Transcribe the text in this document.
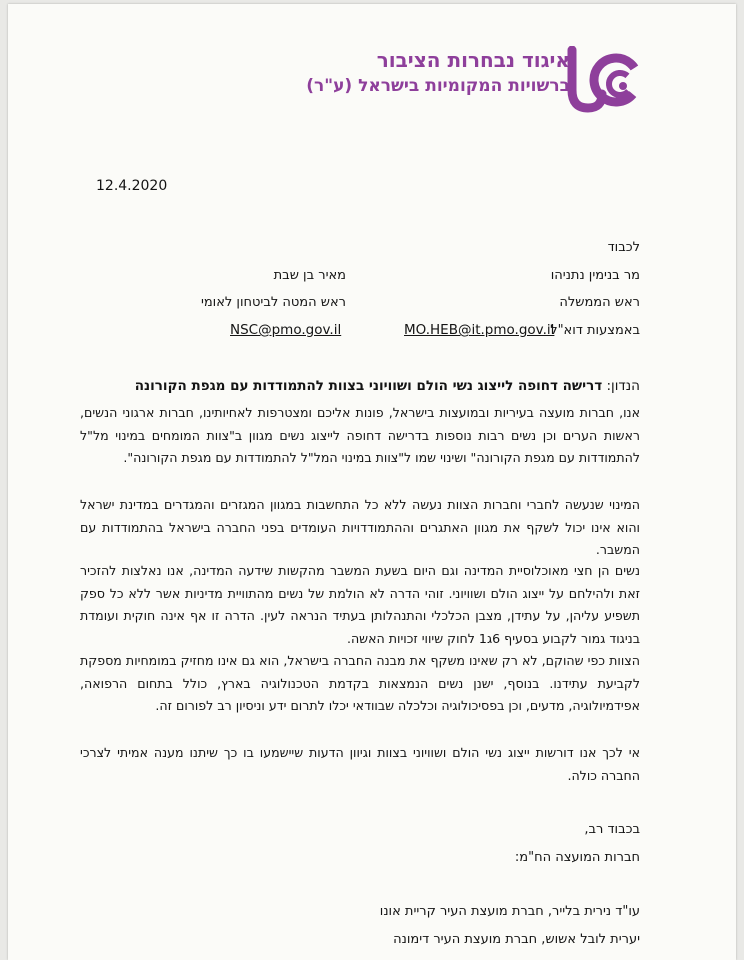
איגוד נבחרות הציבור
ברשויות המקומיות בישראל (ע"ר)
12.4.2020
לכבוד
מר בנימין נתניהו
מאיר בן שבת
ראש הממשלה
ראש המטה לביטחון לאומי
באמצעות דוא"ל
MO.HEB@it.pmo.gov.il
NSC@pmo.gov.il
הנדון: דרישה דחופה לייצוג נשי הולם ושוויוני בצוות להתמודדות עם מגפת הקורונה
אנו, חברות מועצה בעיריות ובמועצות בישראל, פונות אליכם ומצטרפות לאחיותינו, חברות ארגוני הנשים, ראשות הערים וכן נשים רבות נוספות בדרישה דחופה לייצוג נשים מגוון ב"צוות המומחים במינוי מל"ל להתמודדות עם מגפת הקורונה" ושינוי שמו ל"צוות במינוי המל"ל להתמודדות עם מגפת הקורונה".
המינוי שנעשה לחברי וחברות הצוות נעשה ללא כל התחשבות במגוון המגזרים והמגדרים במדינת ישראל והוא אינו יכול לשקף את מגוון האתגרים וההתמודדויות העומדים בפני החברה בישראל בהתמודדות עם המשבר.
נשים הן חצי מאוכלוסיית המדינה וגם היום בשעת המשבר מהקשות שידעה המדינה, אנו נאלצות להזכיר זאת ולהילחם על ייצוג הולם ושוויוני. זוהי הדרה לא הולמת של נשים מהתוויית מדיניות אשר ללא כל ספק תשפיע עליהן, על עתידן, מצבן הכלכלי והתנהלותן בעתיד הנראה לעין. הדרה זו אף אינה חוקית ועומדת בניגוד גמור לקבוע בסעיף 6ג1 לחוק שיווי זכויות האשה.
הצוות כפי שהוקם, לא רק שאינו משקף את מבנה החברה בישראל, הוא גם אינו מחזיק במומחיות מספקת לקביעת עתידנו. בנוסף, ישנן נשים הנמצאות בקדמת הטכנולוגיה בארץ, כולל בתחום הרפואה, אפידמיולוגיה, מדעים, וכן בפסיכולוגיה וכלכלה שבוודאי יכלו לתרום ידע וניסיון רב לפורום זה.
אי לכך אנו דורשות ייצוג נשי הולם ושוויוני בצוות וגיוון הדעות שיישמעו בו כך שיתנו מענה אמיתי לצרכי החברה כולה.
בכבוד רב,
חברות המועצה הח"מ:
עו"ד נירית בלייר, חברת מועצת העיר קריית אונו
יערית לובל אשוש, חברת מועצת העיר דימונה
